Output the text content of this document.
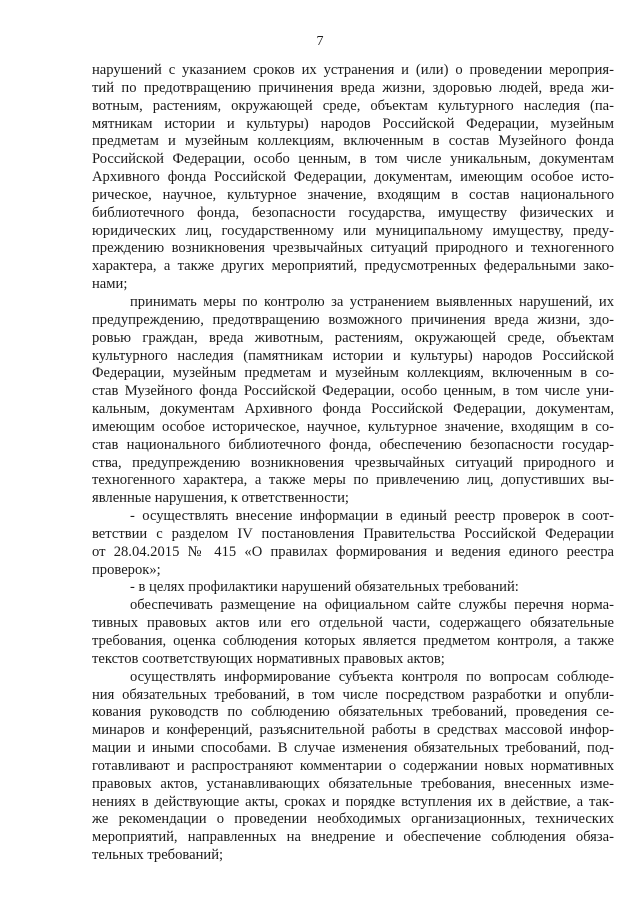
7
нарушений с указанием сроков их устранения и (или) о проведении мероприя-
тий по предотвращению причинения вреда жизни, здоровью людей, вреда жи-
вотным, растениям, окружающей среде, объектам культурного наследия (па-
мятникам истории и культуры) народов Российской Федерации, музейным
предметам и музейным коллекциям, включенным в состав Музейного фонда
Российской Федерации, особо ценным, в том числе уникальным, документам
Архивного фонда Российской Федерации, документам, имеющим особое исто-
рическое, научное, культурное значение, входящим в состав национального
библиотечного фонда, безопасности государства, имуществу физических и
юридических лиц, государственному или муниципальному имуществу, преду-
преждению возникновения чрезвычайных ситуаций природного и техногенного
характера, а также других мероприятий, предусмотренных федеральными зако-
нами;
принимать меры по контролю за устранением выявленных нарушений, их
предупреждению, предотвращению возможного причинения вреда жизни, здо-
ровью граждан, вреда животным, растениям, окружающей среде, объектам
культурного наследия (памятникам истории и культуры) народов Российской
Федерации, музейным предметам и музейным коллекциям, включенным в со-
став Музейного фонда Российской Федерации, особо ценным, в том числе уни-
кальным, документам Архивного фонда Российской Федерации, документам,
имеющим особое историческое, научное, культурное значение, входящим в со-
став национального библиотечного фонда, обеспечению безопасности государ-
ства, предупреждению возникновения чрезвычайных ситуаций природного и
техногенного характера, а также меры по привлечению лиц, допустивших вы-
явленные нарушения, к ответственности;
- осуществлять внесение информации в единый реестр проверок в соот-
ветствии с разделом IV постановления Правительства Российской Федерации
от 28.04.2015 № 415 «О правилах формирования и ведения единого реестра
проверок»;
- в целях профилактики нарушений обязательных требований:
обеспечивать размещение на официальном сайте службы перечня норма-
тивных правовых актов или его отдельной части, содержащего обязательные
требования, оценка соблюдения которых является предметом контроля, а также
текстов соответствующих нормативных правовых актов;
осуществлять информирование субъекта контроля по вопросам соблюде-
ния обязательных требований, в том числе посредством разработки и опубли-
кования руководств по соблюдению обязательных требований, проведения се-
минаров и конференций, разъяснительной работы в средствах массовой инфор-
мации и иными способами. В случае изменения обязательных требований, под-
готавливают и распространяют комментарии о содержании новых нормативных
правовых актов, устанавливающих обязательные требования, внесенных изме-
нениях в действующие акты, сроках и порядке вступления их в действие, а так-
же рекомендации о проведении необходимых организационных, технических
мероприятий, направленных на внедрение и обеспечение соблюдения обяза-
тельных требований;
